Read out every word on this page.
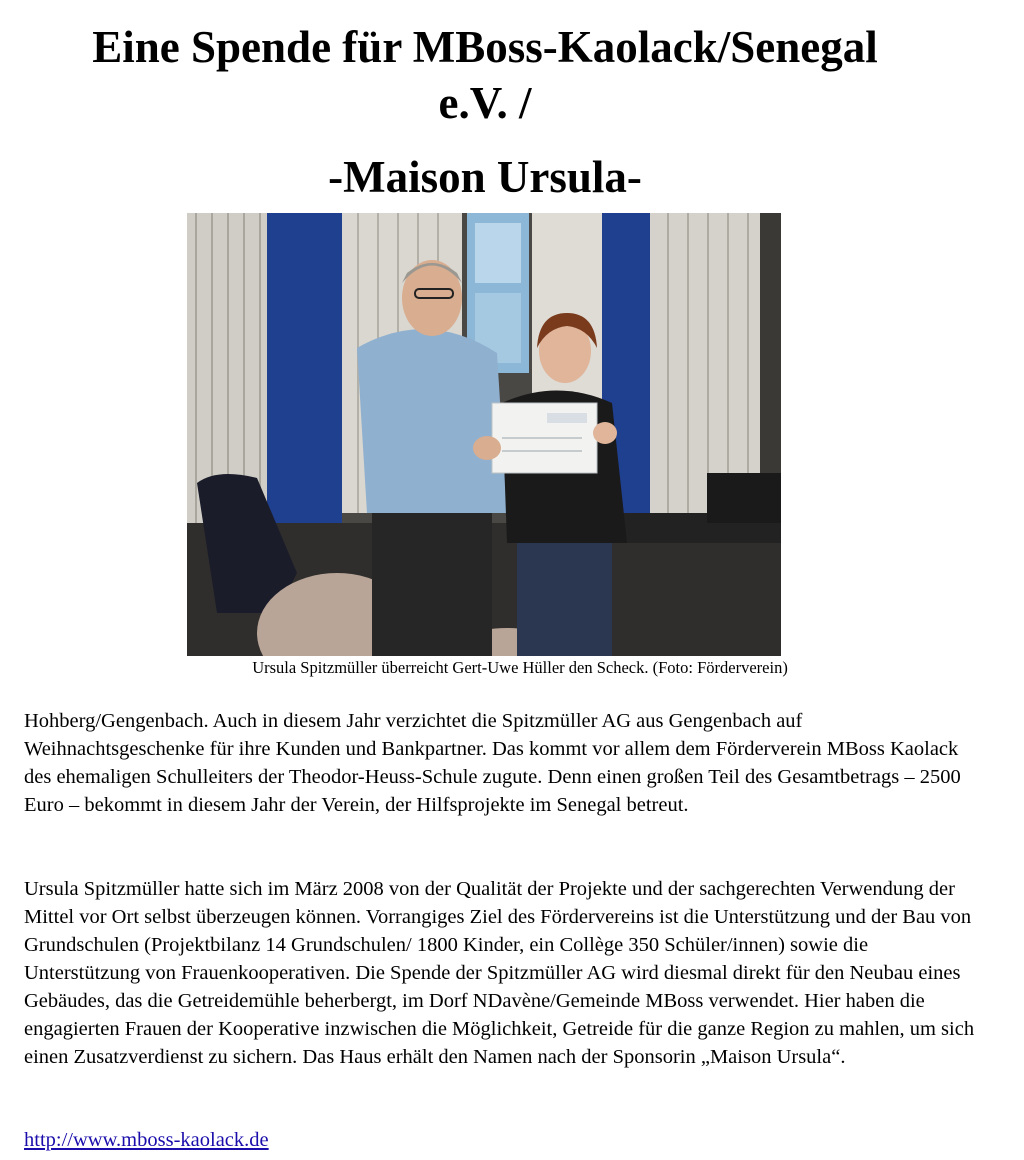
Eine Spende für MBoss-Kaolack/Senegal
e.V. /
-Maison Ursula-
Ursula Spitzmüller überreicht Gert-Uwe Hüller den Scheck. (Foto: Förderverein)

Hohberg/Gengenbach. Auch in diesem Jahr verzichtet die Spitzmüller AG aus Gengenbach auf Weihnachtsgeschenke für ihre Kunden und Bankpartner. Das kommt vor allem dem Förderverein MBoss Kaolack des ehemaligen Schulleiters der Theodor-Heuss-Schule zugute. Denn einen großen Teil des Gesamtbetrags – 2500 Euro – bekommt in diesem Jahr der Verein, der Hilfsprojekte im Senegal betreut.

Ursula Spitzmüller hatte sich im März 2008 von der Qualität der Projekte und der sachgerechten Verwendung der Mittel vor Ort selbst überzeugen können. Vorrangiges Ziel des Fördervereins ist die Unterstützung und der Bau von Grundschulen (Projektbilanz 14 Grundschulen/ 1800 Kinder, ein Collège 350 Schüler/innen) sowie die Unterstützung von Frauenkooperativen. Die Spende der Spitzmüller AG wird diesmal direkt für den Neubau eines Gebäudes, das die Getreidemühle beherbergt, im Dorf NDavène/Gemeinde MBoss verwendet. Hier haben die engagierten Frauen der Kooperative inzwischen die Möglichkeit, Getreide für die ganze Region zu mahlen, um sich einen Zusatzverdienst zu sichern. Das Haus erhält den Namen nach der Sponsorin „Maison Ursula“.

http://www.mboss-kaolack.de
